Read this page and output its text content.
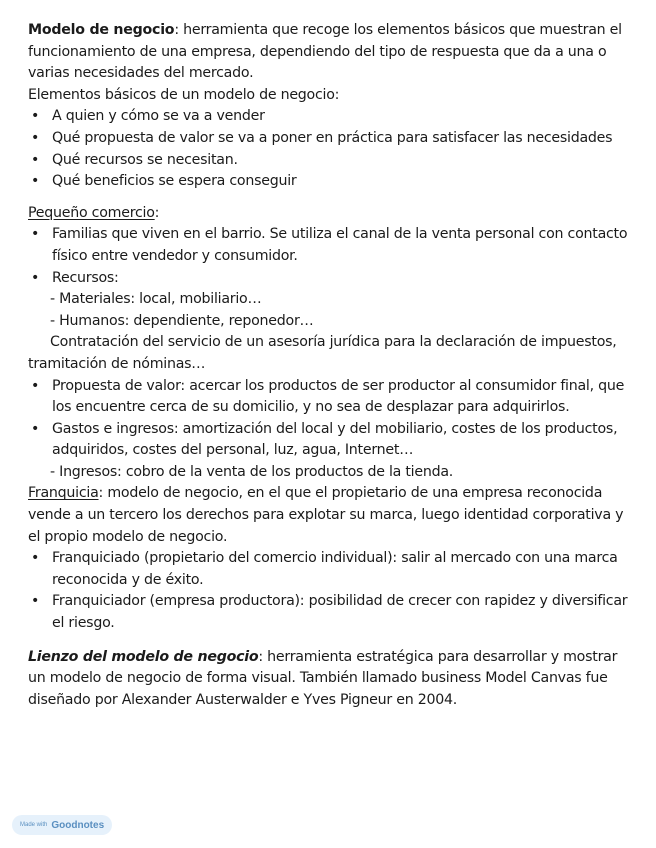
Modelo de negocio: herramienta que recoge los elementos básicos que muestran el funcionamiento de una empresa, dependiendo del tipo de respuesta que da a una o varias necesidades del mercado.

Elementos básicos de un modelo de negocio:

• A quien y cómo se va a vender
• Qué propuesta de valor se va a poner en práctica para satisfacer las necesidades
• Qué recursos se necesitan.
• Qué beneficios se espera conseguir

Pequeño comercio:

• Familias que viven en el barrio. Se utiliza el canal de la venta personal con contacto físico entre vendedor y consumidor.
• Recursos:

- Materiales: local, mobiliario…

- Humanos: dependiente, reponedor…

Contratación del servicio de un asesoría jurídica para la declaración de impuestos, tramitación de nóminas…

• Propuesta de valor: acercar los productos de ser productor al consumidor final, que los encuentre cerca de su domicilio, y no sea de desplazar para adquirirlos.
• Gastos e ingresos: amortización del local y del mobiliario, costes de los productos, adquiridos, costes del personal, luz, agua, Internet…

- Ingresos: cobro de la venta de los productos de la tienda.

Franquicia: modelo de negocio, en el que el propietario de una empresa reconocida vende a un tercero los derechos para explotar su marca, luego identidad corporativa y el propio modelo de negocio.

• Franquiciado (propietario del comercio individual): salir al mercado con una marca reconocida y de éxito.
• Franquiciador (empresa productora): posibilidad de crecer con rapidez y diversificar el riesgo.

Lienzo del modelo de negocio: herramienta estratégica para desarrollar y mostrar un modelo de negocio de forma visual. También llamado business Model Canvas fue diseñado por Alexander Austerwalder e Yves Pigneur en 2004.

Made with Goodnotes
